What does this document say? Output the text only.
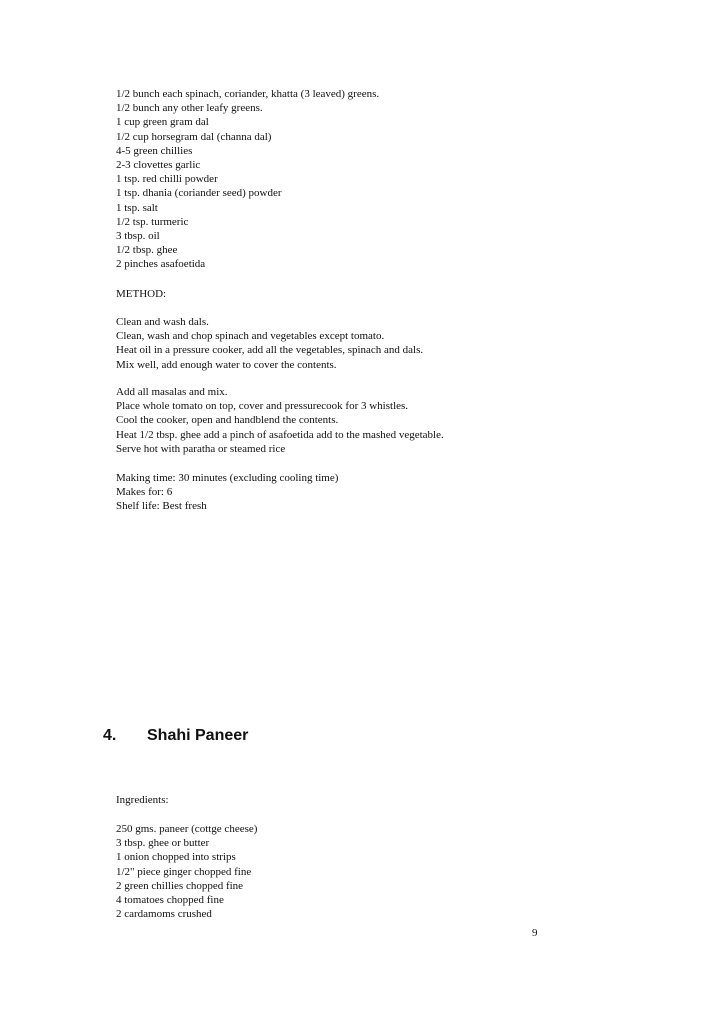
1/2 bunch each spinach, coriander, khatta (3 leaved) greens.
1/2 bunch any other leafy greens.
1 cup green gram dal
1/2 cup horsegram dal (channa dal)
4-5 green chillies
2-3 clovettes garlic
1 tsp. red chilli powder
1 tsp. dhania (coriander seed) powder
1 tsp. salt
1/2 tsp. turmeric
3 tbsp. oil
1/2 tbsp. ghee
2 pinches asafoetida
METHOD:
Clean and wash dals.
Clean, wash and chop spinach and vegetables except tomato.
Heat oil in a pressure cooker, add all the vegetables, spinach and dals.
Mix well, add enough water to cover the contents.
Add all masalas and mix.
Place whole tomato on top, cover and pressurecook for 3 whistles.
Cool the cooker, open and handblend the contents.
Heat 1/2 tbsp. ghee add a pinch of asafoetida add to the mashed vegetable.
Serve hot with paratha or steamed rice
Making time: 30 minutes (excluding cooling time)
Makes for: 6
Shelf life: Best fresh
4. Shahi Paneer
Ingredients:
250 gms. paneer (cottge cheese)
3 tbsp. ghee or butter
1 onion chopped into strips
1/2" piece ginger chopped fine
2 green chillies chopped fine
4 tomatoes chopped fine
2 cardamoms crushed
9
